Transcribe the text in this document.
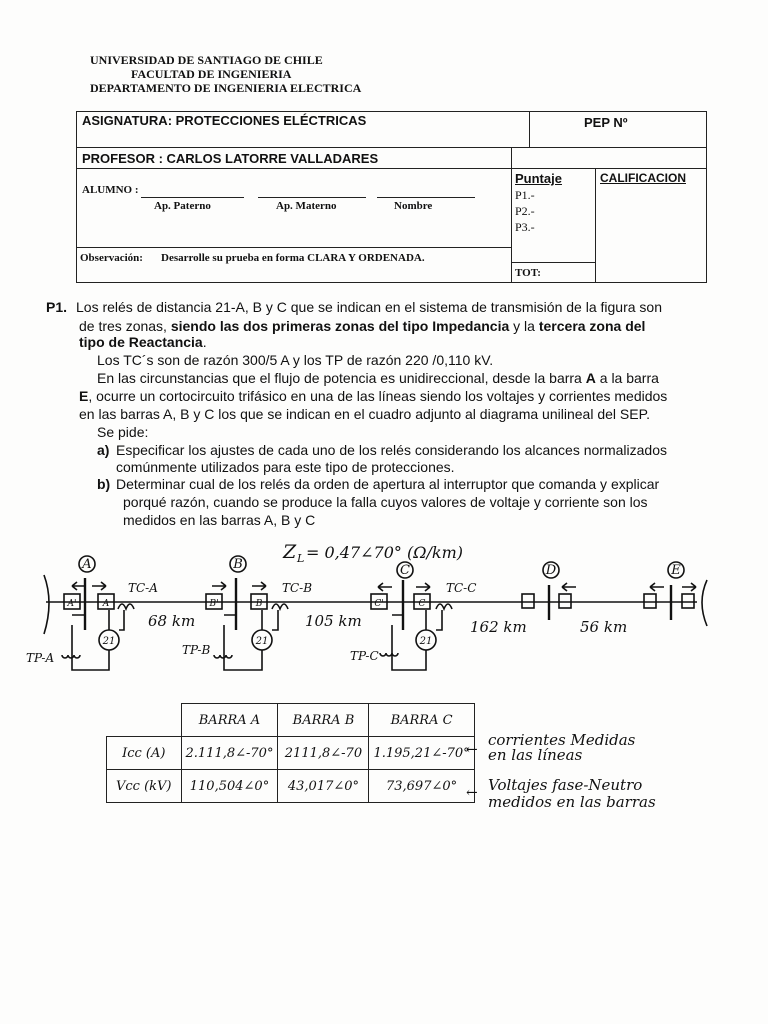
UNIVERSIDAD DE SANTIAGO DE CHILE
FACULTAD DE INGENIERIA
DEPARTAMENTO DE INGENIERIA ELECTRICA
ASIGNATURA: PROTECCIONES ELÉCTRICAS	PEP Nº
PROFESOR : CARLOS LATORRE VALLADARES
ALUMNO :
Ap. Paterno	Ap. Materno	Nombre
Observación: Desarrolle su prueba en forma CLARA Y ORDENADA.
Puntaje
P1.-
P2.-
P3.-
TOT:
CALIFICACION
P1. Los relés de distancia 21-A, B y C que se indican en el sistema de transmisión de la figura son
de tres zonas, siendo las dos primeras zonas del tipo Impedancia y la tercera zona del
tipo de Reactancia.
Los TC´s son de razón 300/5 A y los TP de razón 220 /0,110 kV.
En las circunstancias que el flujo de potencia es unidireccional, desde la barra A a la barra
E, ocurre un cortocircuito trifásico en una de las líneas siendo los voltajes y corrientes medidos
en las barras A, B y C los que se indican en el cuadro adjunto al diagrama unilineal del SEP.
Se pide:
a) Especificar los ajustes de cada uno de los relés considerando los alcances normalizados
comúnmente utilizados para este tipo de protecciones.
b) Determinar cual de los relés da orden de apertura al interruptor que comanda y explicar
porqué razón, cuando se produce la falla cuyos valores de voltaje y corriente son los
medidos en las barras A, B y C
A	B	C	D	E
A'	A	B'	B	C'	C
TC-A	TC-B	TC-C
TP-A
TP-B	TP-C
21	21	21
68 km	105 km	162 km	56 km
Z L = 0,47∠70° (Ω/km)
	BARRA A	BARRA B	BARRA C
Icc (A)	2.111,8∠-70°	2111,8∠-70	1.195,21∠-70°
Vcc (kV)	110,504∠0°	43,017∠0°	73,697∠0°
←
corrientes Medidas
en las líneas
← Voltajes fase-Neutro
medidos en las barras
